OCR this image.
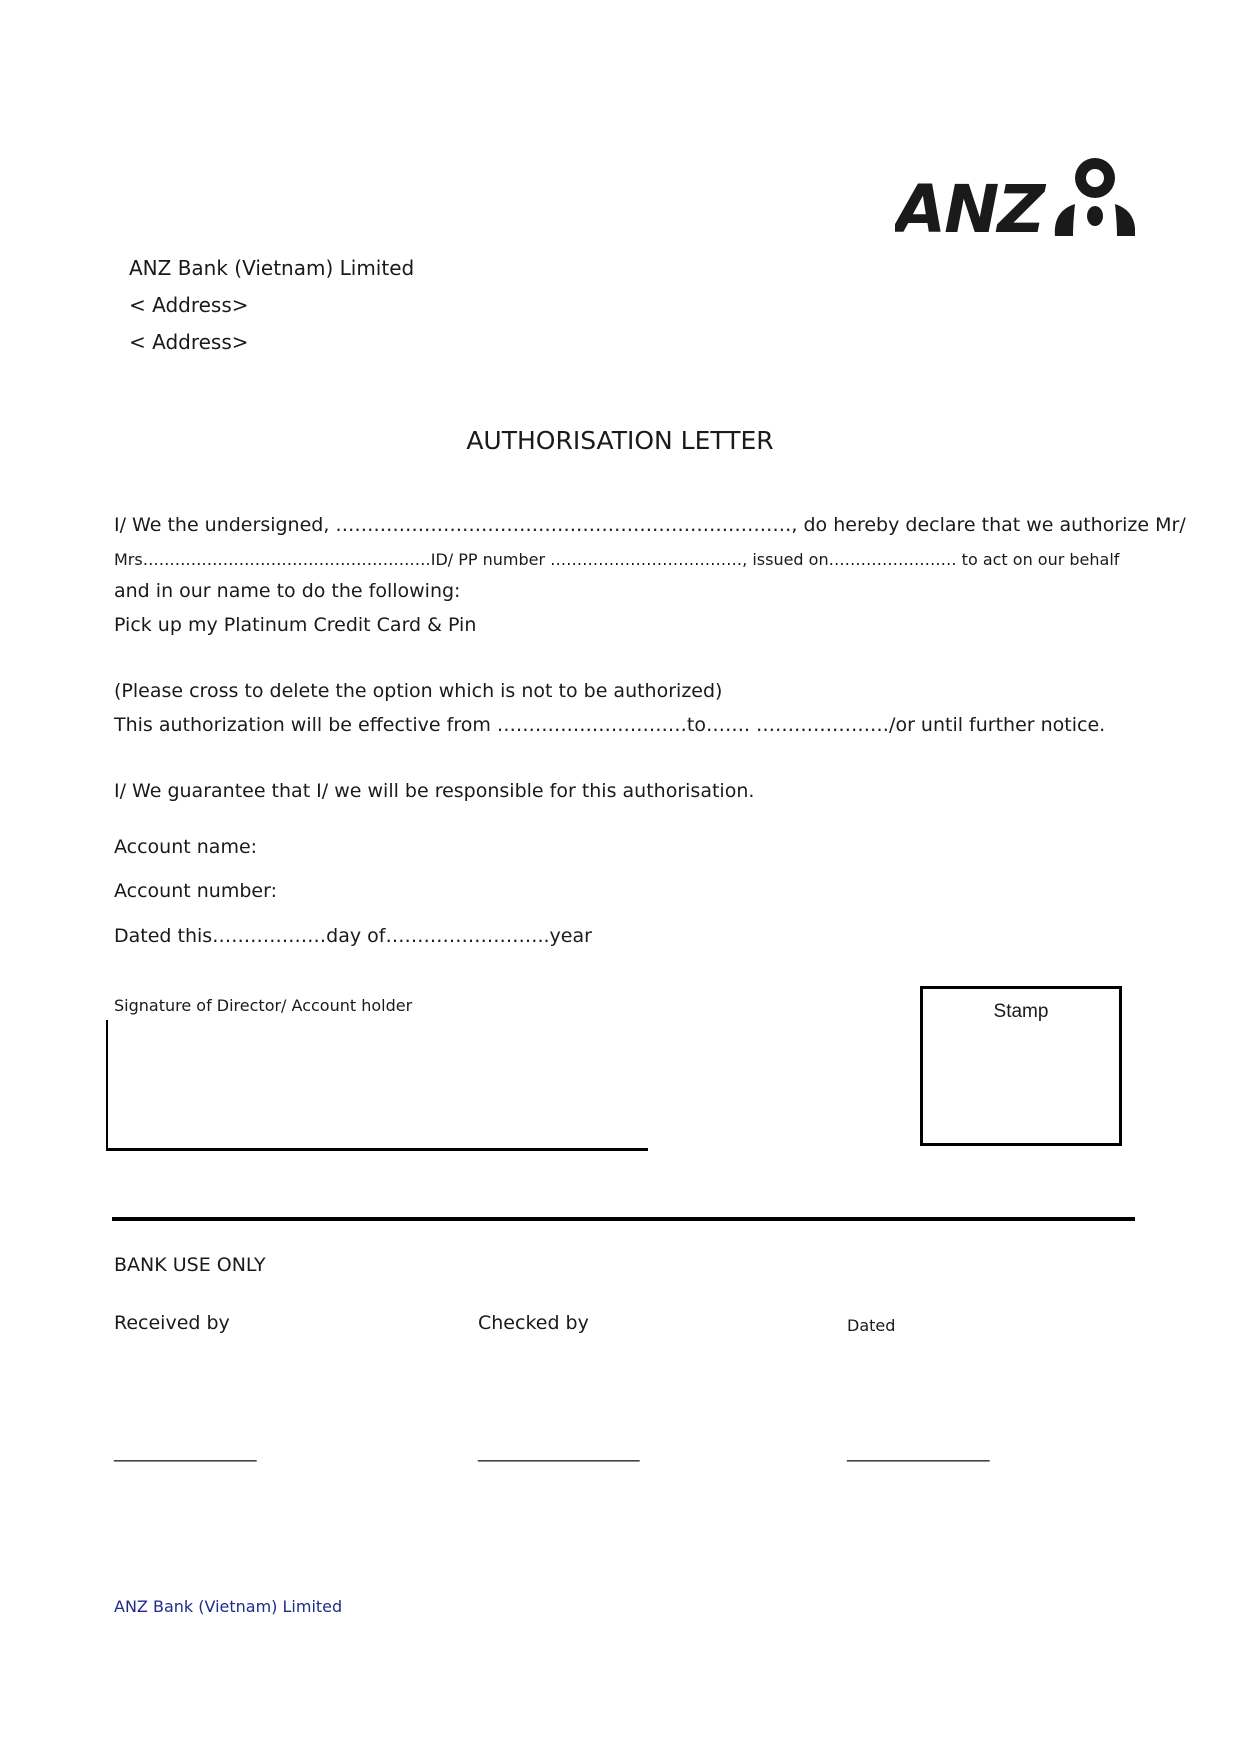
ANZ
ANZ Bank (Vietnam) Limited
< Address>
< Address>
AUTHORISATION LETTER
I/ We the undersigned, ………………………………………………………………, do hereby declare that we authorize Mr/
Mrs………………………………………………ID/ PP number ………………………………, issued on…………………… to act on our behalf
and in our name to do the following:
Pick up my Platinum Credit Card & Pin
(Please cross to delete the option which is not to be authorized)
This authorization will be effective from …………………………to……. …………………/or until further notice.
I/ We guarantee that I/ we will be responsible for this authorisation.
Account name:
Account number:
Dated this………………day of……………………..year
Signature of Director/ Account holder	Stamp
BANK USE ONLY
Received by	Checked by	Dated
_______________	_________________	_______________
ANZ Bank (Vietnam) Limited
